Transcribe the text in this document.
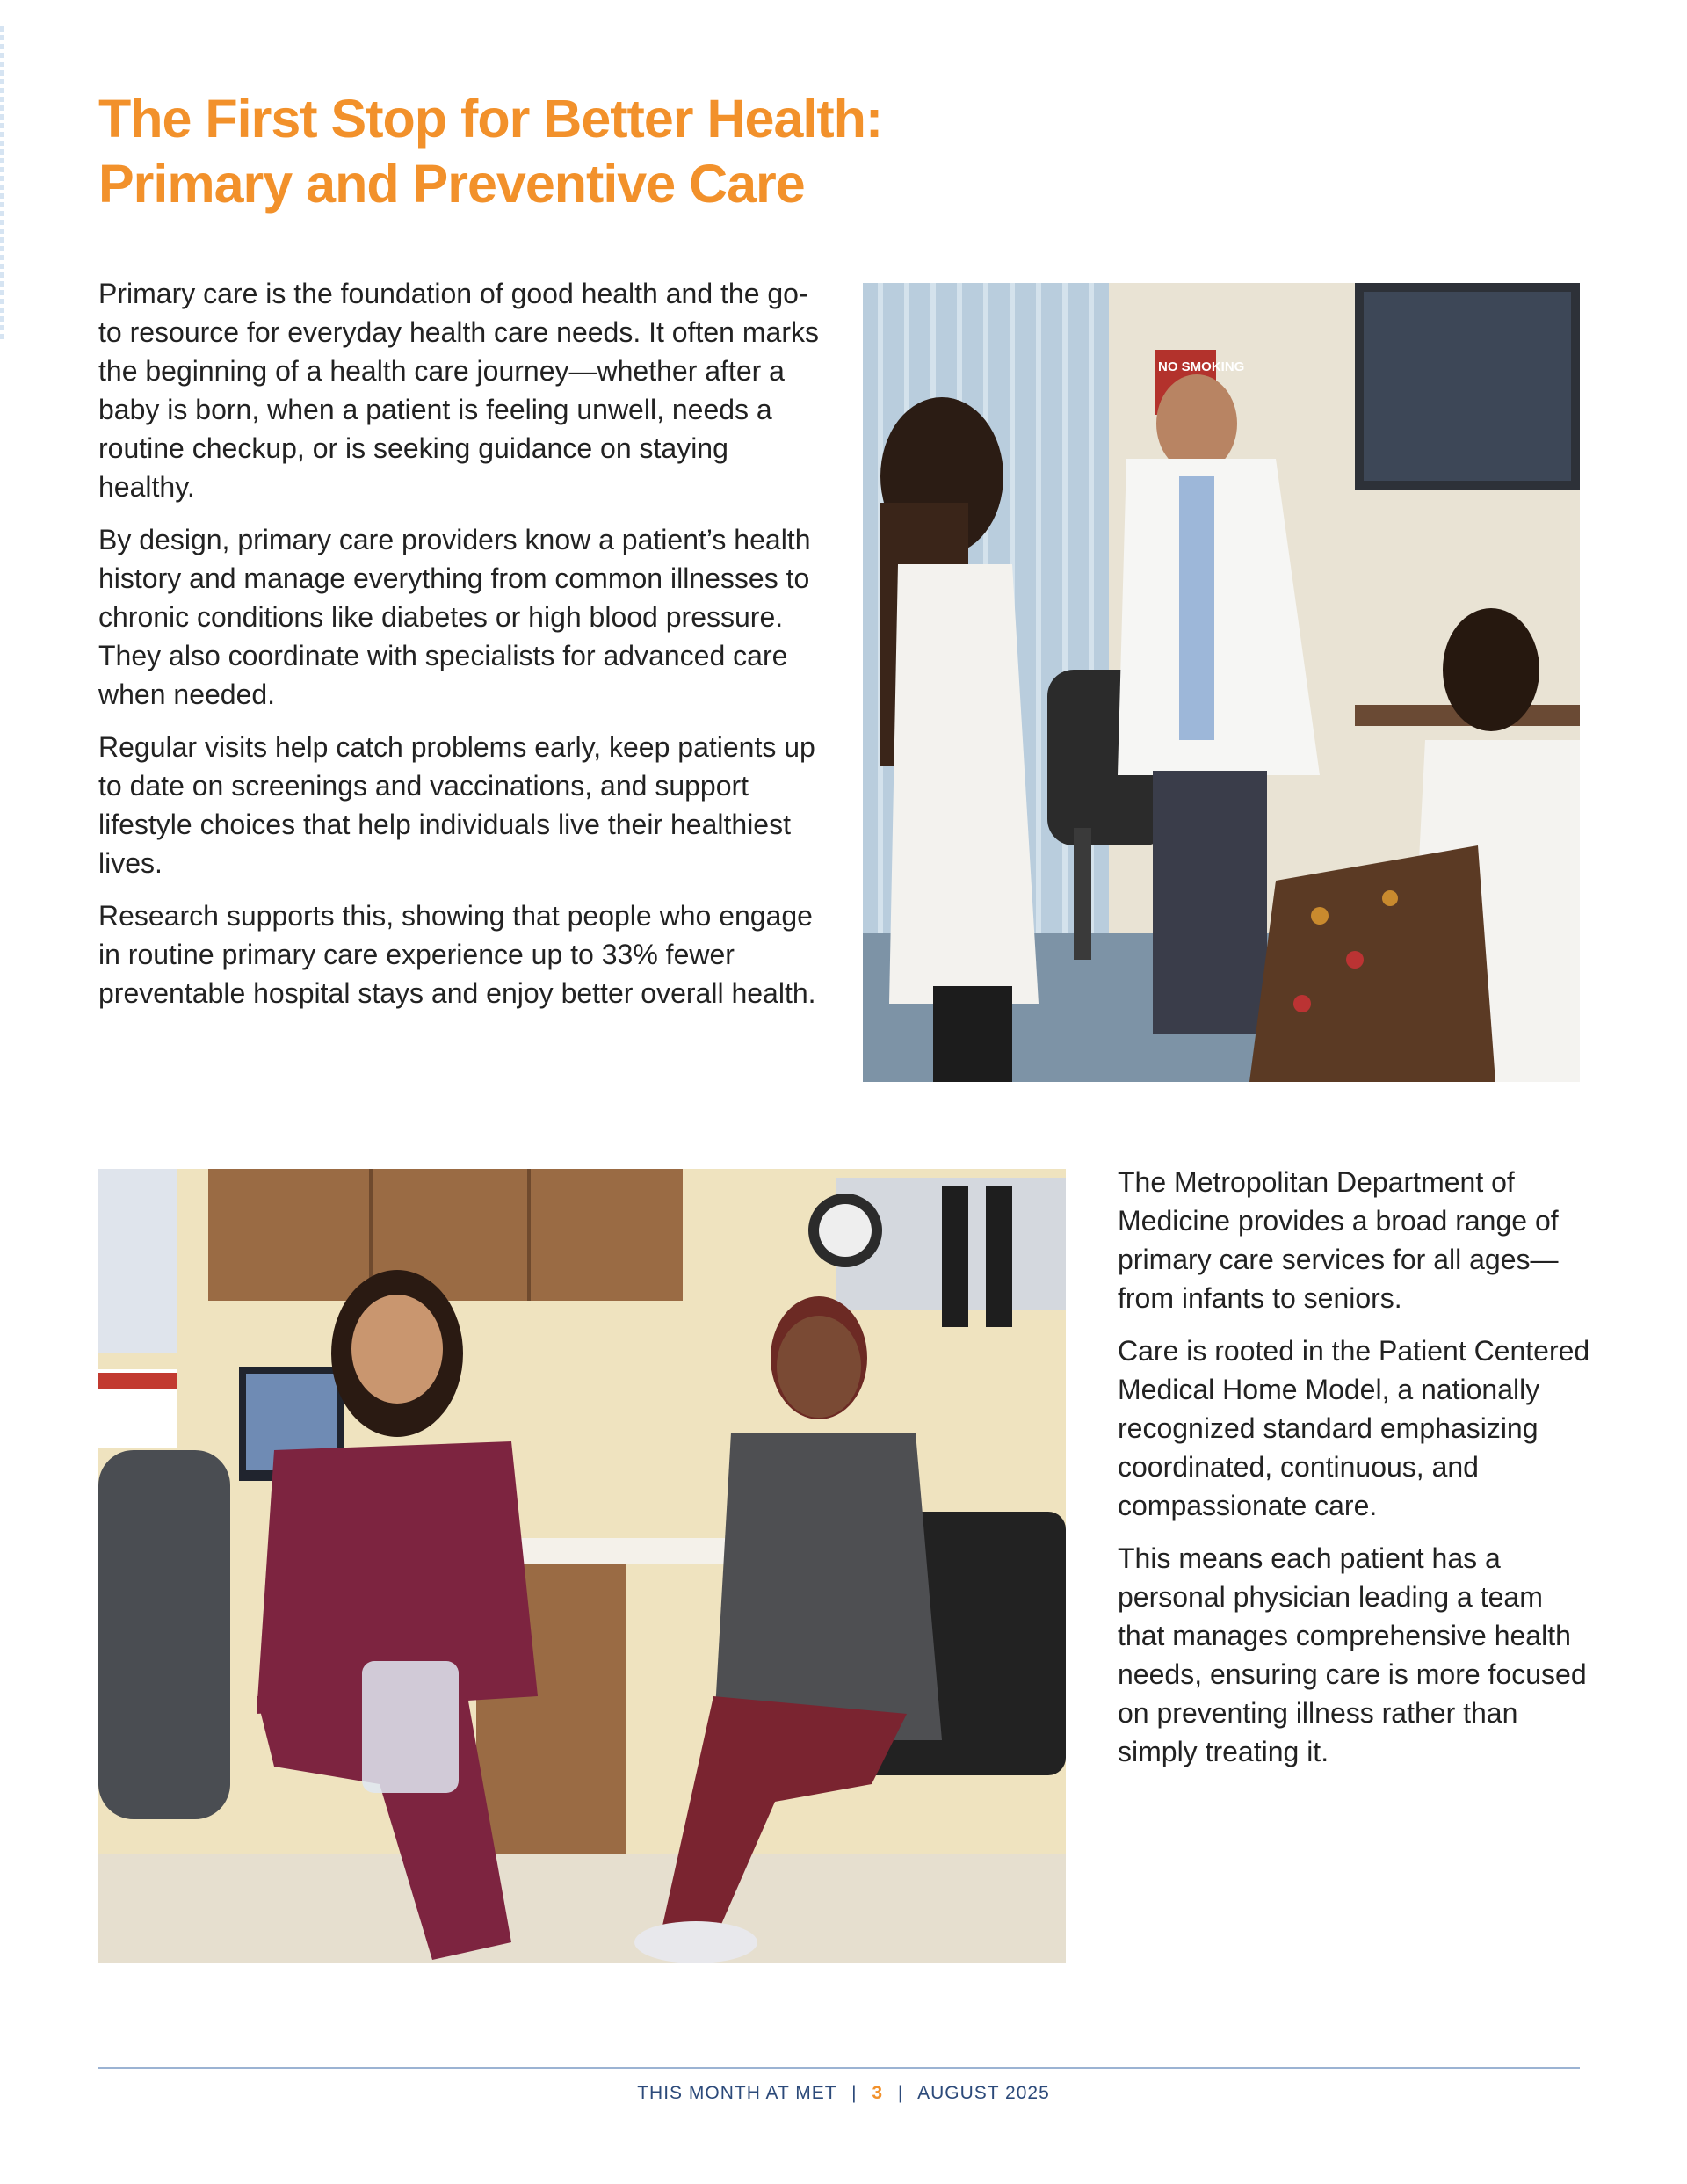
The First Stop for Better Health:
Primary and Preventive Care

Primary care is the foundation of good health and the go-to resource for everyday health care needs. It often marks the beginning of a health care journey—whether after a baby is born, when a patient is feeling unwell, needs a routine checkup, or is seeking guidance on staying healthy.

By design, primary care providers know a patient’s health history and manage everything from common illnesses to chronic conditions like diabetes or high blood pressure. They also coordinate with specialists for advanced care when needed.

Regular visits help catch problems early, keep patients up to date on screenings and vaccinations, and support lifestyle choices that help individuals live their healthiest lives.

Research supports this, showing that people who engage in routine primary care experience up to 33% fewer preventable hospital stays and enjoy better overall health.

NO SMOKING

The Metropolitan Department of Medicine provides a broad range of primary care services for all ages—from infants to seniors.

Care is rooted in the Patient Centered Medical Home Model, a nationally recognized standard emphasizing coordinated, continuous, and compassionate care.

This means each patient has a personal physician leading a team that manages comprehensive health needs, ensuring care is more focused on preventing illness rather than simply treating it.

THIS MONTH AT MET | 3 | AUGUST 2025
